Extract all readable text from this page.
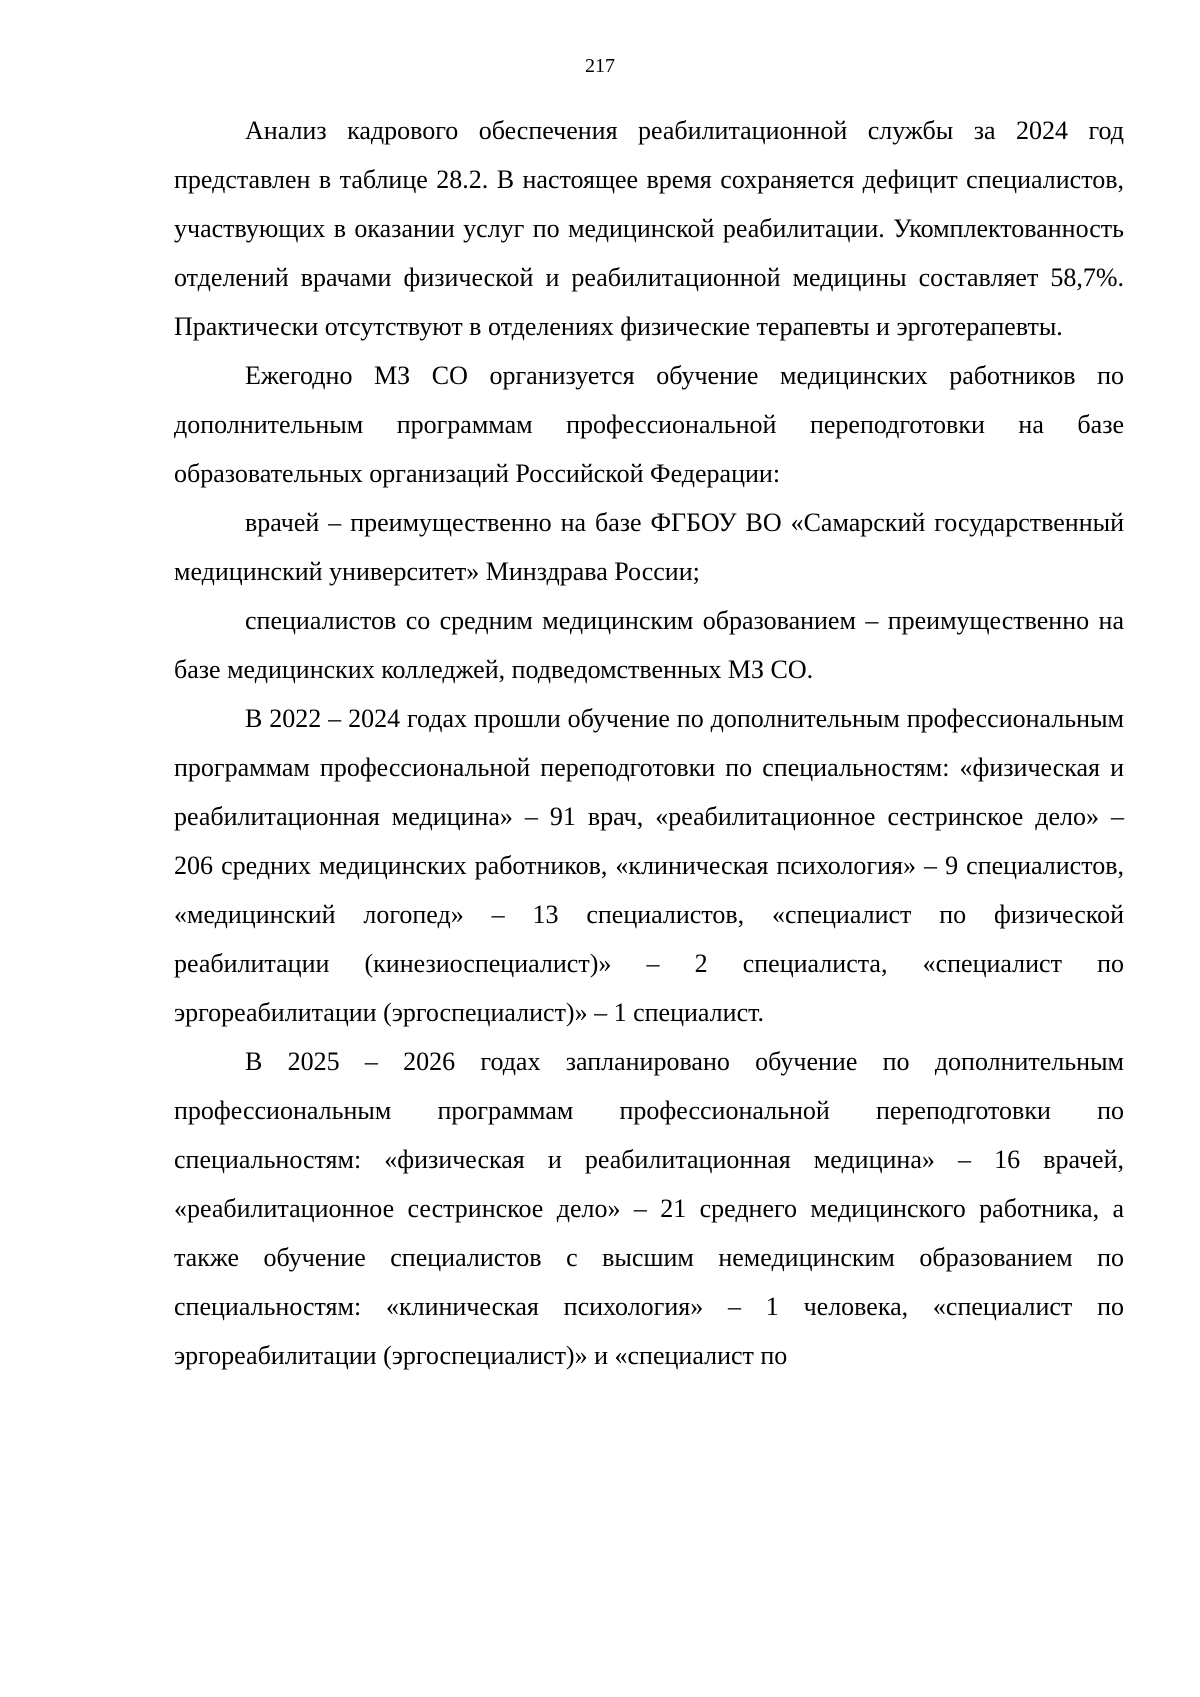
217

Анализ кадрового обеспечения реабилитационной службы за 2024 год представлен в таблице 28.2. В настоящее время сохраняется дефицит специалистов, участвующих в оказании услуг по медицинской реабилитации. Укомплектованность отделений врачами физической и реабилитационной медицины составляет 58,7%. Практически отсутствуют в отделениях физические терапевты и эрготерапевты.

Ежегодно МЗ СО организуется обучение медицинских работников по дополнительным программам профессиональной переподготовки на базе образовательных организаций Российской Федерации:

врачей – преимущественно на базе ФГБОУ ВО «Самарский государственный медицинский университет» Минздрава России;

специалистов со средним медицинским образованием – преимущественно на базе медицинских колледжей, подведомственных МЗ СО.

В 2022 – 2024 годах прошли обучение по дополнительным профессиональным программам профессиональной переподготовки по специальностям: «физическая и реабилитационная медицина» – 91 врач, «реабилитационное сестринское дело» – 206 средних медицинских работников, «клиническая психология» – 9 специалистов, «медицинский логопед» – 13 специалистов, «специалист по физической реабилитации (кинезиоспециалист)» – 2 специалиста, «специалист по эргореабилитации (эргоспециалист)» – 1 специалист.

В 2025 – 2026 годах запланировано обучение по дополнительным профессиональным программам профессиональной переподготовки по специальностям: «физическая и реабилитационная медицина» – 16 врачей, «реабилитационное сестринское дело» – 21 среднего медицинского работника, а также обучение специалистов с высшим немедицинским образованием по специальностям: «клиническая психология» – 1 человека, «специалист по эргореабилитации (эргоспециалист)» и «специалист по
